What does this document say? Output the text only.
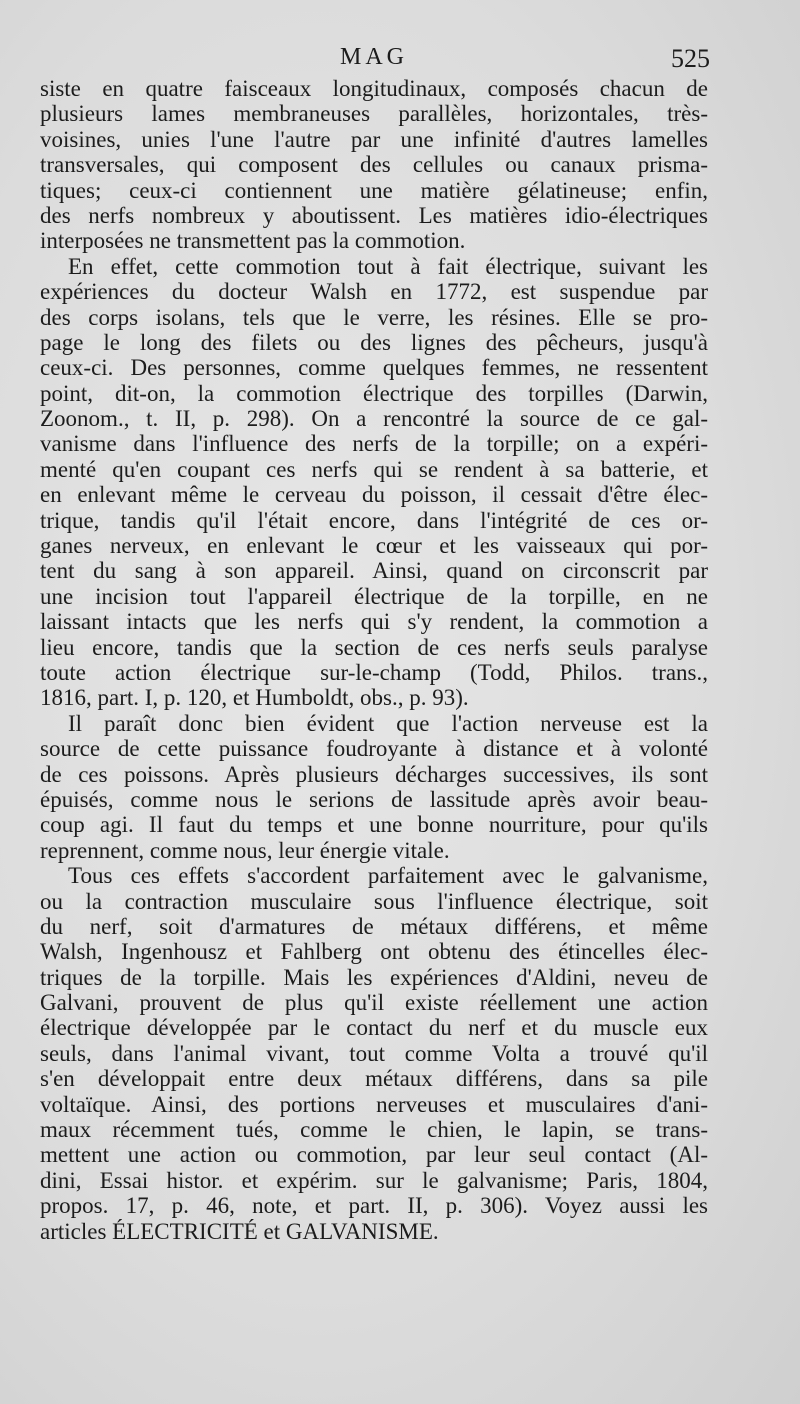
MAG	525
siste en quatre faisceaux longitudinaux, composés chacun de
plusieurs lames membraneuses parallèles, horizontales, très-
voisines, unies l'une l'autre par une infinité d'autres lamelles
transversales, qui composent des cellules ou canaux prisma-
tiques; ceux-ci contiennent une matière gélatineuse; enfin,
des nerfs nombreux y aboutissent. Les matières idio-électriques
interposées ne transmettent pas la commotion.
En effet, cette commotion tout à fait électrique, suivant les
expériences du docteur Walsh en 1772, est suspendue par
des corps isolans, tels que le verre, les résines. Elle se pro-
page le long des filets ou des lignes des pêcheurs, jusqu'à
ceux-ci. Des personnes, comme quelques femmes, ne ressentent
point, dit-on, la commotion électrique des torpilles (Darwin,
Zoonom., t. II, p. 298). On a rencontré la source de ce gal-
vanisme dans l'influence des nerfs de la torpille; on a expéri-
menté qu'en coupant ces nerfs qui se rendent à sa batterie, et
en enlevant même le cerveau du poisson, il cessait d'être élec-
trique, tandis qu'il l'était encore, dans l'intégrité de ces or-
ganes nerveux, en enlevant le cœur et les vaisseaux qui por-
tent du sang à son appareil. Ainsi, quand on circonscrit par
une incision tout l'appareil électrique de la torpille, en ne
laissant intacts que les nerfs qui s'y rendent, la commotion a
lieu encore, tandis que la section de ces nerfs seuls paralyse
toute action électrique sur-le-champ (Todd, Philos. trans.,
1816, part. I, p. 120, et Humboldt, obs., p. 93).
Il paraît donc bien évident que l'action nerveuse est la
source de cette puissance foudroyante à distance et à volonté
de ces poissons. Après plusieurs décharges successives, ils sont
épuisés, comme nous le serions de lassitude après avoir beau-
coup agi. Il faut du temps et une bonne nourriture, pour qu'ils
reprennent, comme nous, leur énergie vitale.
Tous ces effets s'accordent parfaitement avec le galvanisme,
ou la contraction musculaire sous l'influence électrique, soit
du nerf, soit d'armatures de métaux différens, et même
Walsh, Ingenhousz et Fahlberg ont obtenu des étincelles élec-
triques de la torpille. Mais les expériences d'Aldini, neveu de
Galvani, prouvent de plus qu'il existe réellement une action
électrique développée par le contact du nerf et du muscle eux
seuls, dans l'animal vivant, tout comme Volta a trouvé qu'il
s'en développait entre deux métaux différens, dans sa pile
voltaïque. Ainsi, des portions nerveuses et musculaires d'ani-
maux récemment tués, comme le chien, le lapin, se trans-
mettent une action ou commotion, par leur seul contact (Al-
dini, Essai histor. et expérim. sur le galvanisme; Paris, 1804,
propos. 17, p. 46, note, et part. II, p. 306). Voyez aussi les
articles ÉLECTRICITÉ et GALVANISME.
